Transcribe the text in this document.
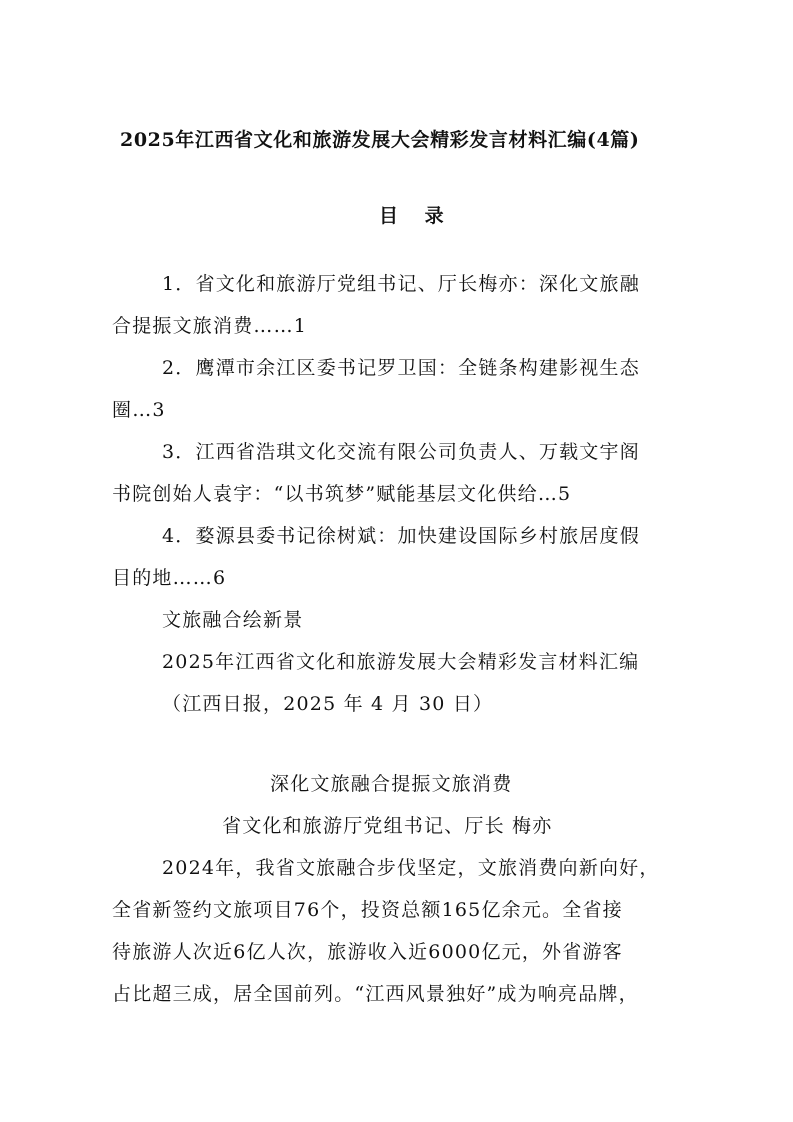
2025年江西省文化和旅游发展大会精彩发言材料汇编(4篇)
目 录
1．省文化和旅游厅党组书记、厅长梅亦：深化文旅融
合提振文旅消费……1
2．鹰潭市余江区委书记罗卫国：全链条构建影视生态
圈…3
3．江西省浩琪文化交流有限公司负责人、万载文宇阁
书院创始人袁宇：“以书筑梦”赋能基层文化供给…5
4．婺源县委书记徐树斌：加快建设国际乡村旅居度假
目的地……6
文旅融合绘新景
2025年江西省文化和旅游发展大会精彩发言材料汇编
（江西日报，2025 年 4 月 30 日）
深化文旅融合提振文旅消费
省文化和旅游厅党组书记、厅长 梅亦
2024年，我省文旅融合步伐坚定，文旅消费向新向好，
全省新签约文旅项目76个，投资总额165亿余元。全省接
待旅游人次近6亿人次，旅游收入近6000亿元，外省游客
占比超三成，居全国前列。“江西风景独好”成为响亮品牌，
